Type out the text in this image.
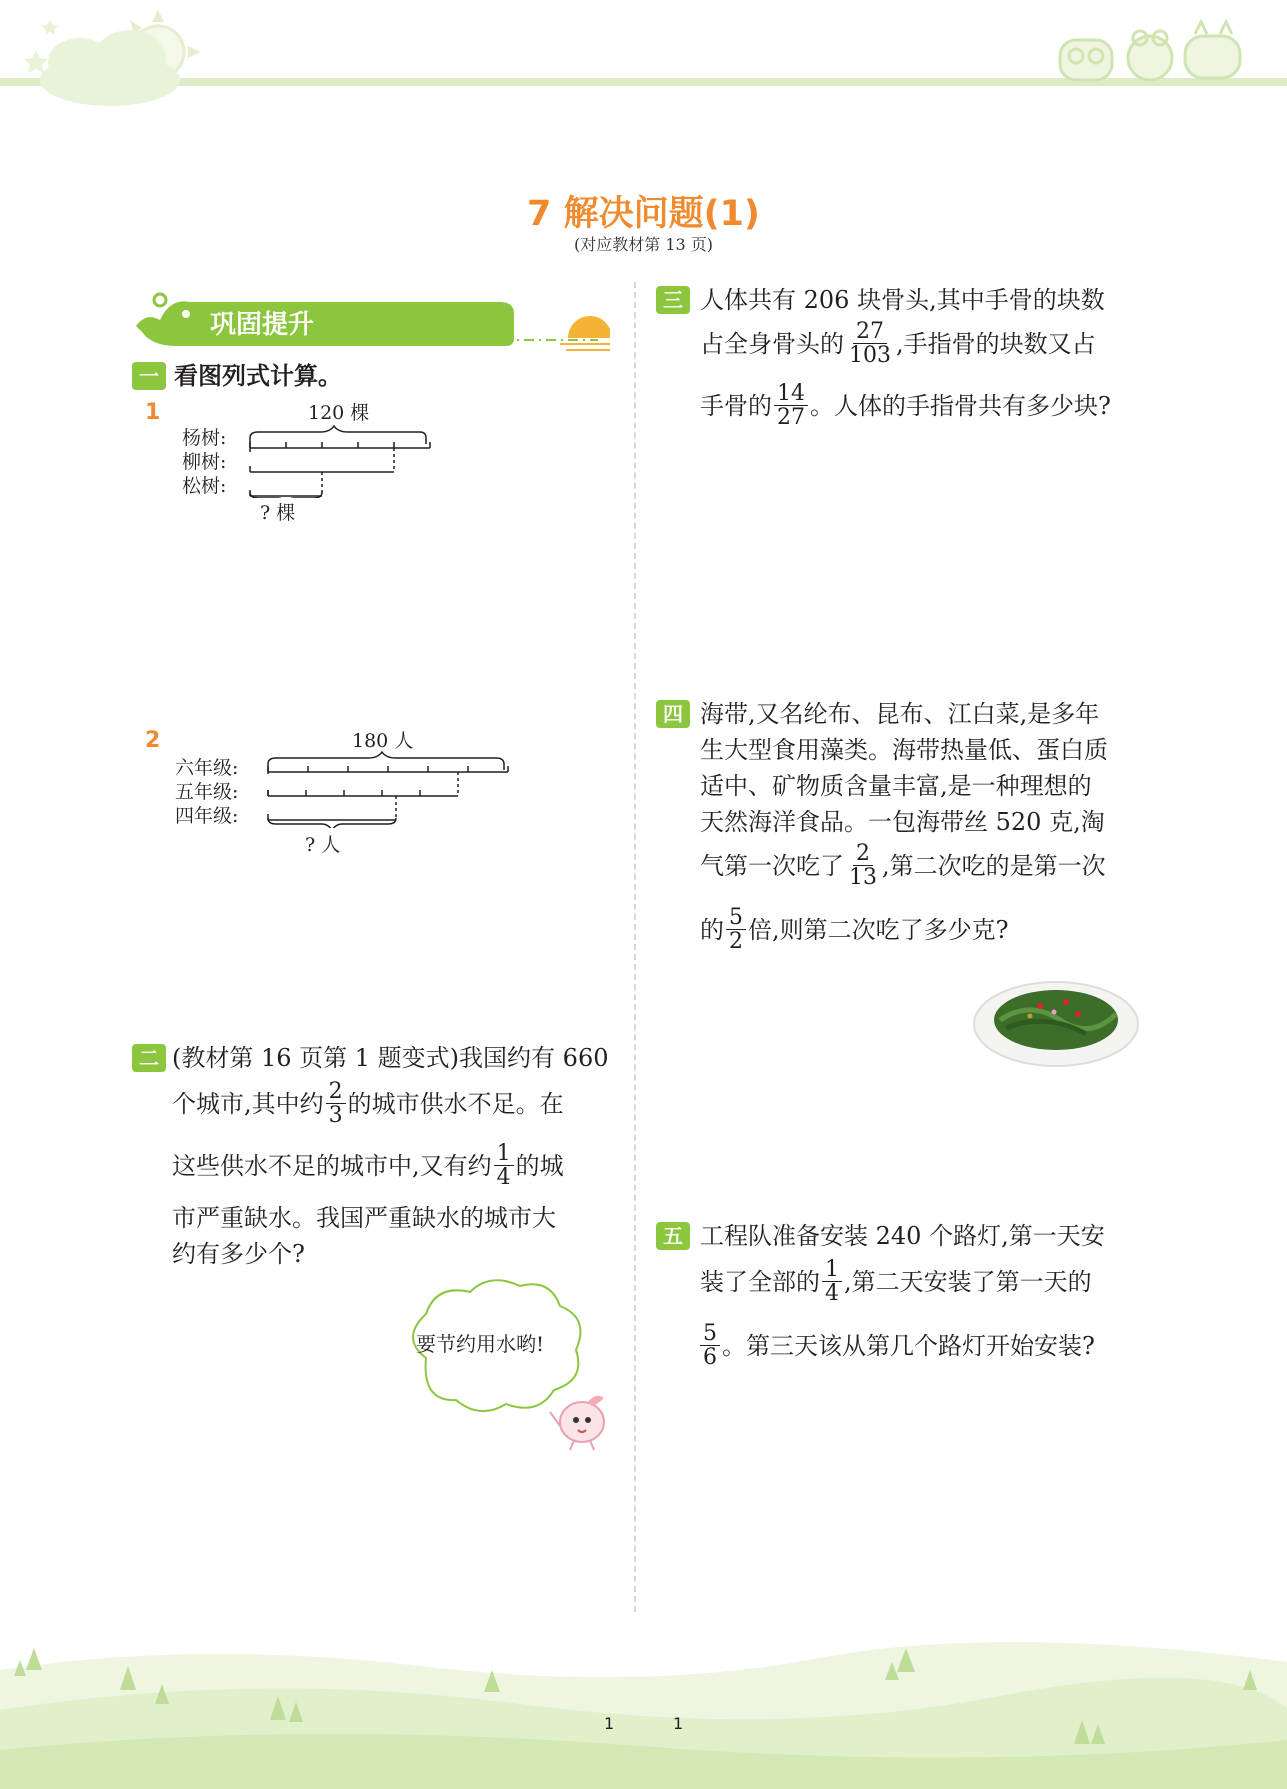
7 解决问题(1)
(对应教材第 13 页)
巩固提升
一 看图列式计算。
1	120 棵
杨树:
柳树:
松树:
? 棵
2	180 人
六年级:
五年级:
四年级:
? 人
二 (教材第 16 页第 1 题变式)我国约有 660
个城市,其中约 $\frac{2}{3}$ 的城市供水不足。在
这些供水不足的城市中,又有约 $\frac{1}{4}$ 的城
市严重缺水。我国严重缺水的城市大
约有多少个?
要节约用水哟!
三 人体共有 206 块骨头,其中手骨的块数
占全身骨头的 $\frac{27}{103}$ ,手指骨的块数又占
手骨的 $\frac{14}{27}$ 。人体的手指骨共有多少块?
四 海带,又名纶布、昆布、江白菜,是多年
生大型食用藻类。海带热量低、蛋白质
适中、矿物质含量丰富,是一种理想的
天然海洋食品。一包海带丝 520 克,淘
气第一次吃了 $\frac{2}{13}$ ,第二次吃的是第一次
的 $\frac{5}{2}$ 倍,则第二次吃了多少克?
五 工程队准备安装 240 个路灯,第一天安
装了全部的 $\frac{1}{4}$ ,第二天安装了第一天的
$\frac{5}{6}$ 。第三天该从第几个路灯开始安装?
1	1
